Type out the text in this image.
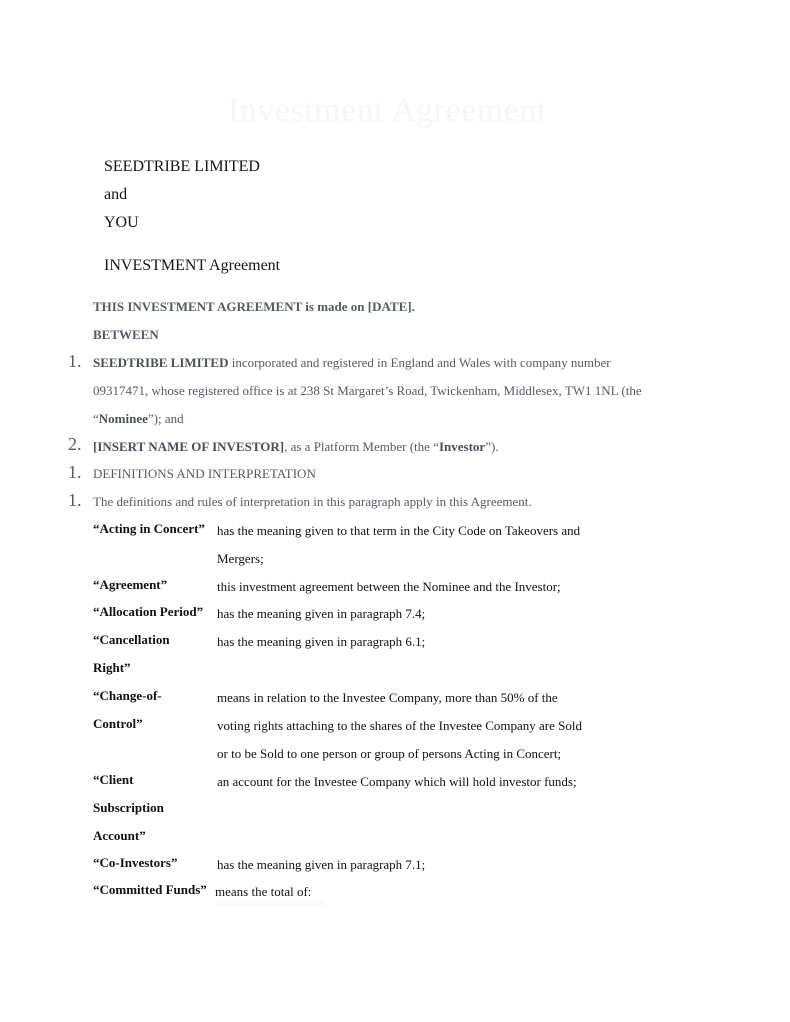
Investment Agreement
SEEDTRIBE LIMITED
and
YOU
INVESTMENT Agreement
THIS INVESTMENT AGREEMENT is made on [DATE].
BETWEEN
1. SEEDTRIBE LIMITED incorporated and registered in England and Wales with company number
09317471, whose registered office is at 238 St Margaret’s Road, Twickenham, Middlesex, TW1 1NL (the
“Nominee”); and
2. [INSERT NAME OF INVESTOR], as a Platform Member (the “Investor”).
1. DEFINITIONS AND INTERPRETATION
1. The definitions and rules of interpretation in this paragraph apply in this Agreement.
“Acting in Concert” has the meaning given to that term in the City Code on Takeovers and
Mergers;
“Agreement”	this investment agreement between the Nominee and the Investor;
“Allocation Period” has the meaning given in paragraph 7.4;
“Cancellation
Right”
has the meaning given in paragraph 6.1;
“Change-of-
Control”
means in relation to the Investee Company, more than 50% of the
voting rights attaching to the shares of the Investee Company are Sold
or to be Sold to one person or group of persons Acting in Concert;
“Client
Subscription
Account”
an account for the Investee Company which will hold investor funds;
“Co-Investors”	has the meaning given in paragraph 7.1;
“Committed Funds” means the total of:
